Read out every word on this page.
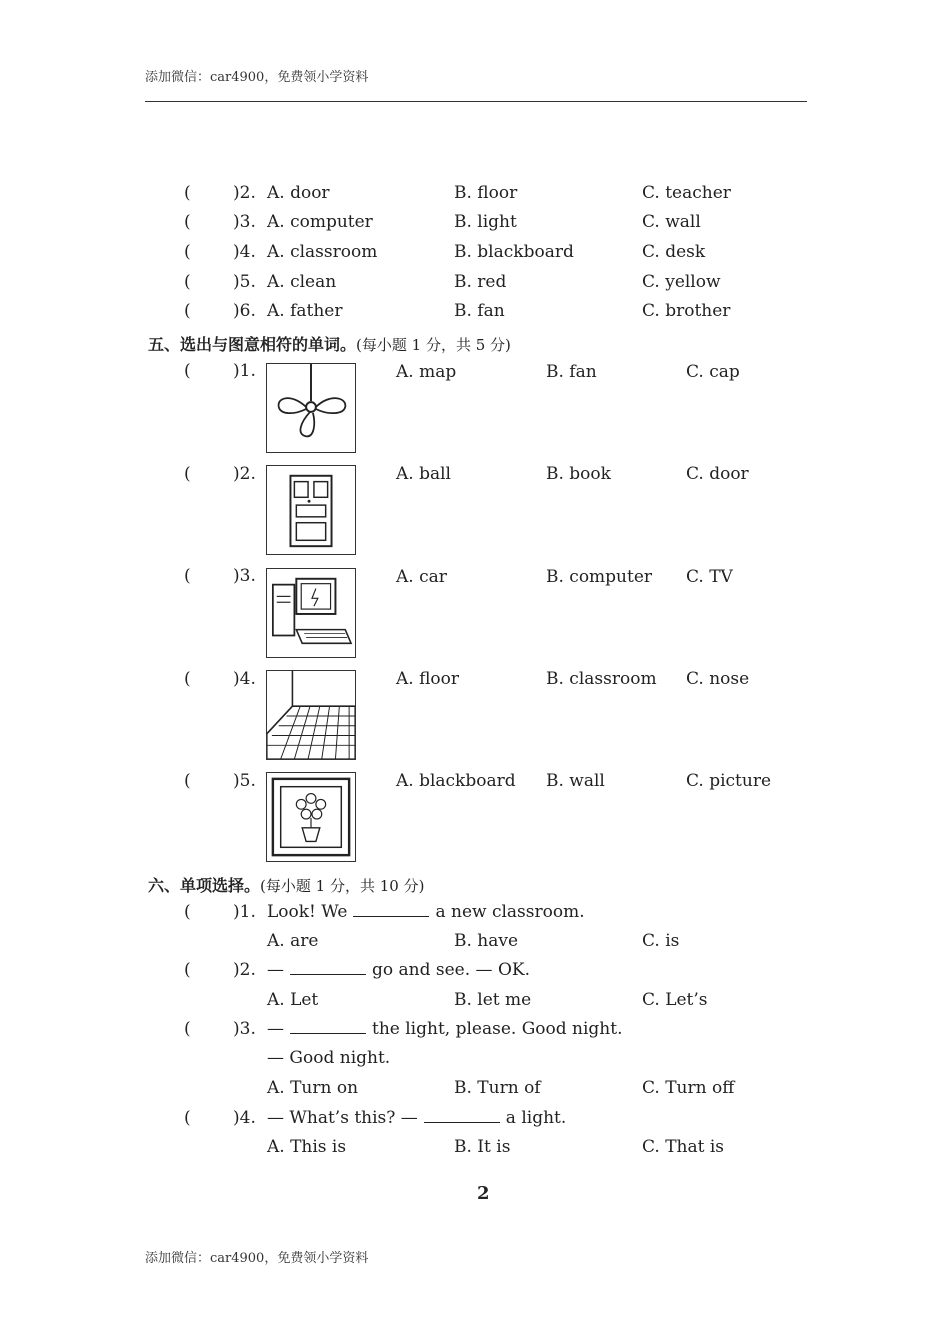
添加微信：car4900，免费领小学资料
( )2. A. door	B. floor	C. teacher
( )3. A. computer	B. light	C. wall
( )4. A. classroom	B. blackboard	C. desk
( )5. A. clean	B. red	C. yellow
( )6. A. father	B. fan	C. brother
五、选出与图意相符的单词。(每小题 1 分，共 5 分)
( )1.	A. map	B. fan	C. cap
( )2.	A. ball	B. book	C. door
( )3.	A. car	B. computer C. TV
( )4.	A. floor	B. classroom C. nose
( )5.	A. blackboard B. wall	C. picture
六、单项选择。(每小题 1 分，共 10 分)
( )1. Look! We	a new classroom.
A. are	B. have	C. is
( )2. —	go and see. — OK.
A. Let	B. let me	C. Let’s
( )3. —	the light, please. Good night.
— Good night.
A. Turn on	B. Turn of	C. Turn off
( )4. — What’s this? —	a light.
A. This is	B. It is	C. That is
2
添加微信：car4900，免费领小学资料
